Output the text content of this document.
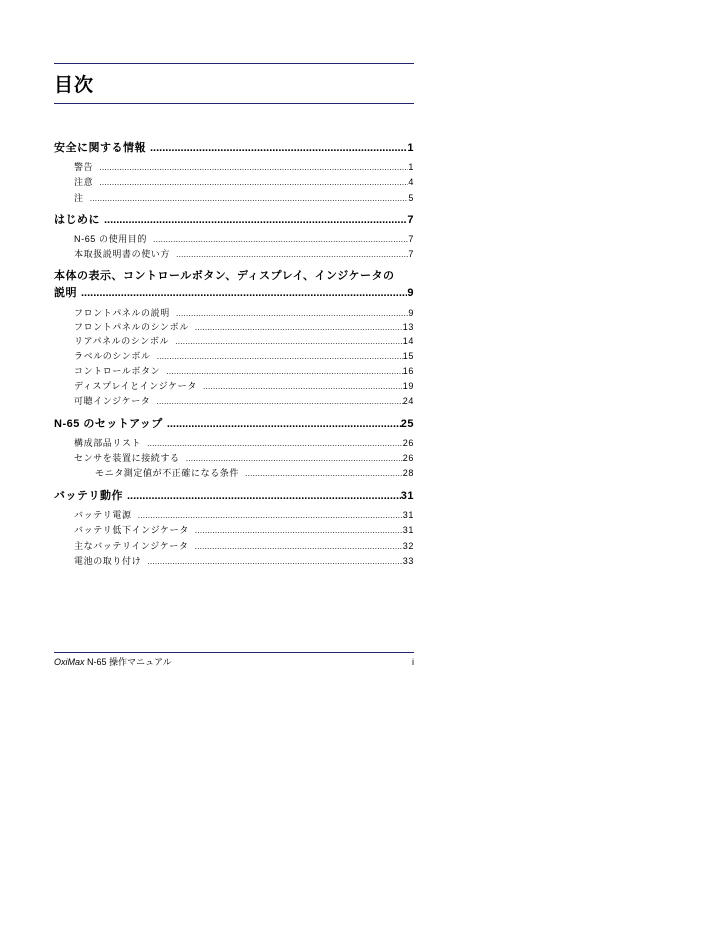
目次
安全に関する情報 .....	1
警告 .....	1
注意 .....	4
注 .....	5
はじめに .....	7
N-65 の使用目的 .....	7
本取扱説明書の使い方 .....	7
本体の表示、コントロールボタン、ディスプレイ、インジケータの
説明 .....	9
フロントパネルの説明 .....	9
フロントパネルのシンボル .....	13
リアパネルのシンボル .....	14
ラベルのシンボル .....	15
コントロールボタン .....	16
ディスプレイとインジケータ .....	19
可聴インジケータ .....	24
N-65 のセットアップ .....	25
構成部品リスト .....	26
センサを装置に接続する .....	26
モニタ測定値が不正確になる条件 .....	28
バッテリ動作 .....	31
バッテリ電源 .....	31
バッテリ低下インジケータ .....	31
主なバッテリインジケータ .....	32
電池の取り付け .....	33
OxiMax N-65 操作マニュアル	i
